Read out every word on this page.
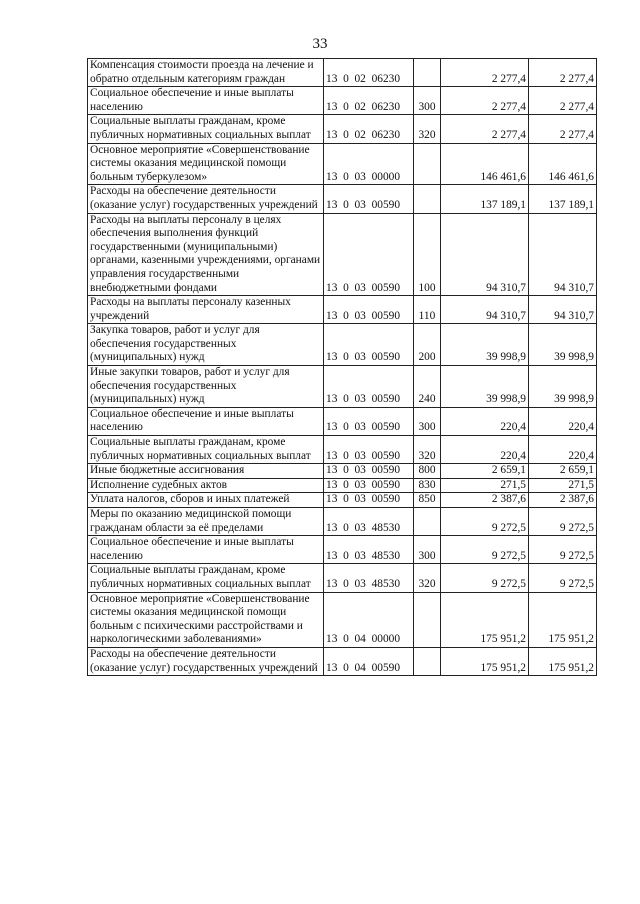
33
Компенсация стоимости проезда на лечение и обратно отдельным категориям граждан	13  0  02  06230		2 277,4	2 277,4
Социальное обеспечение и иные выплаты населению	13  0  02  06230	300	2 277,4	2 277,4
Социальные выплаты гражданам, кроме публичных нормативных социальных выплат	13  0  02  06230	320	2 277,4	2 277,4
Основное мероприятие «Совершенствование системы оказания медицинской помощи больным туберкулезом»	13  0  03  00000		146 461,6	146 461,6
Расходы на обеспечение деятельности (оказание услуг) государственных учреждений	13  0  03  00590		137 189,1	137 189,1
Расходы на выплаты персоналу в целях обеспечения выполнения функций государственными (муниципальными) органами, казенными учреждениями, органами управления государственными внебюджетными фондами	13  0  03  00590	100	94 310,7	94 310,7
Расходы на выплаты персоналу казенных учреждений	13  0  03  00590	110	94 310,7	94 310,7
Закупка товаров, работ и услуг для обеспечения государственных (муниципальных) нужд	13  0  03  00590	200	39 998,9	39 998,9
Иные закупки товаров, работ и услуг для обеспечения государственных (муниципальных) нужд	13  0  03  00590	240	39 998,9	39 998,9
Социальное обеспечение и иные выплаты населению	13  0  03  00590	300	220,4	220,4
Социальные выплаты гражданам, кроме публичных нормативных социальных выплат	13  0  03  00590	320	220,4	220,4
Иные бюджетные ассигнования	13  0  03  00590	800	2 659,1	2 659,1
Исполнение судебных актов	13  0  03  00590	830	271,5	271,5
Уплата налогов, сборов и иных платежей	13  0  03  00590	850	2 387,6	2 387,6
Меры по оказанию медицинской помощи гражданам области за её пределами	13  0  03  48530		9 272,5	9 272,5
Социальное обеспечение и иные выплаты населению	13  0  03  48530	300	9 272,5	9 272,5
Социальные выплаты гражданам, кроме публичных нормативных социальных выплат	13  0  03  48530	320	9 272,5	9 272,5
Основное мероприятие «Совершенствование системы оказания медицинской помощи больным с психическими расстройствами и наркологическими заболеваниями»	13  0  04  00000		175 951,2	175 951,2
Расходы на обеспечение деятельности (оказание услуг) государственных учреждений	13  0  04  00590		175 951,2	175 951,2
